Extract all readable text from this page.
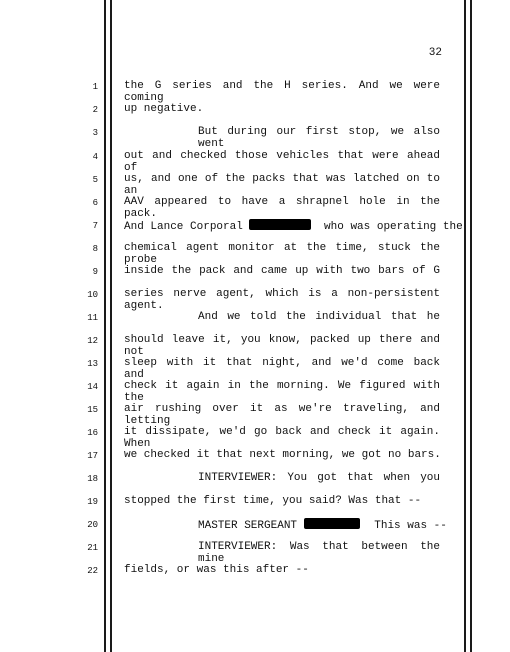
32
1 the G series and the H series. And we were coming
2 up negative.
3	But during our first stop, we also went
4 out and checked those vehicles that were ahead of
5 us, and one of the packs that was latched on to an
6 AAV appeared to have a shrapnel hole in the pack.
7 And Lance Corporal	who was operating the
8 chemical agent monitor at the time, stuck the probe
9 inside the pack and came up with two bars of G
10 series nerve agent, which is a non-persistent agent.
11	And we told the individual that he
12 should leave it, you know, packed up there and not
13 sleep with it that night, and we'd come back and
14 check it again in the morning. We figured with the
15 air rushing over it as we're traveling, and letting
16 it dissipate, we'd go back and check it again. When
17 we checked it that next morning, we got no bars.
18	INTERVIEWER: You got that when you
19 stopped the first time, you said? Was that --
20	MASTER SERGEANT	This was --
21	INTERVIEWER: Was that between the mine
22 fields, or was this after --
